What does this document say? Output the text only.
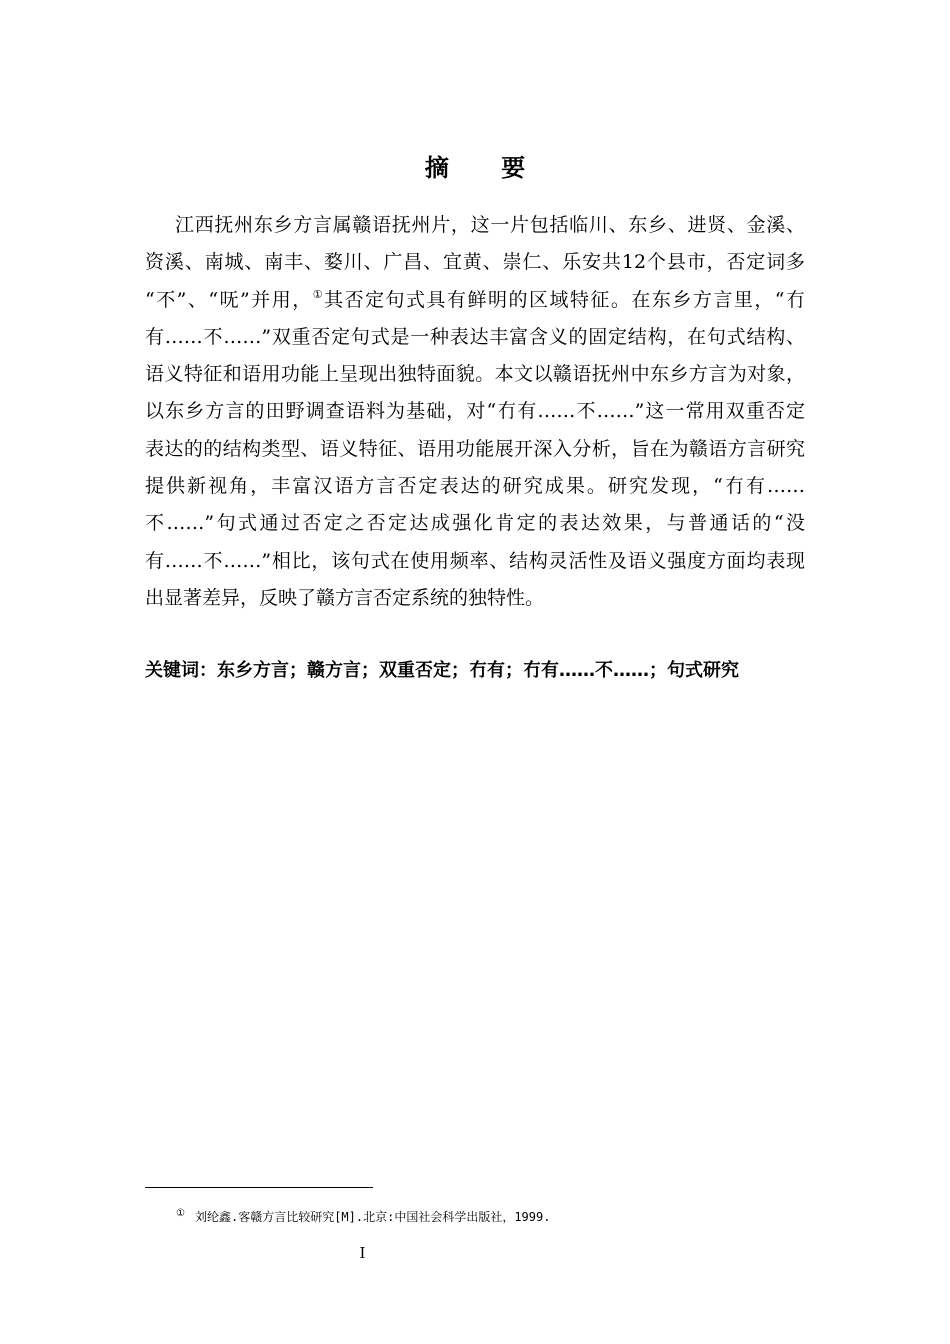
摘 要
江西抚州东乡方言属赣语抚州片，这一片包括临川、东乡、进贤、金溪、
资溪、南城、南丰、婺川、广昌、宜黄、崇仁、乐安共12个县市，否定词多
“不”、“呒”并用，①其否定句式具有鲜明的区域特征。在东乡方言里，“冇
有……不……”双重否定句式是一种表达丰富含义的固定结构，在句式结构、
语义特征和语用功能上呈现出独特面貌。本文以赣语抚州中东乡方言为对象，
以东乡方言的田野调查语料为基础，对“冇有……不……”这一常用双重否定
表达的的结构类型、语义特征、语用功能展开深入分析，旨在为赣语方言研究
提供新视角，丰富汉语方言否定表达的研究成果。研究发现，“冇有……
不……”句式通过否定之否定达成强化肯定的表达效果，与普通话的“没
有……不……”相比，该句式在使用频率、结构灵活性及语义强度方面均表现
出显著差异，反映了赣方言否定系统的独特性。
关键词：东乡方言；赣方言；双重否定；冇有；冇有……不……；句式研究
① 刘纶鑫.客赣方言比较研究[M].北京:中国社会科学出版社，1999.
I
